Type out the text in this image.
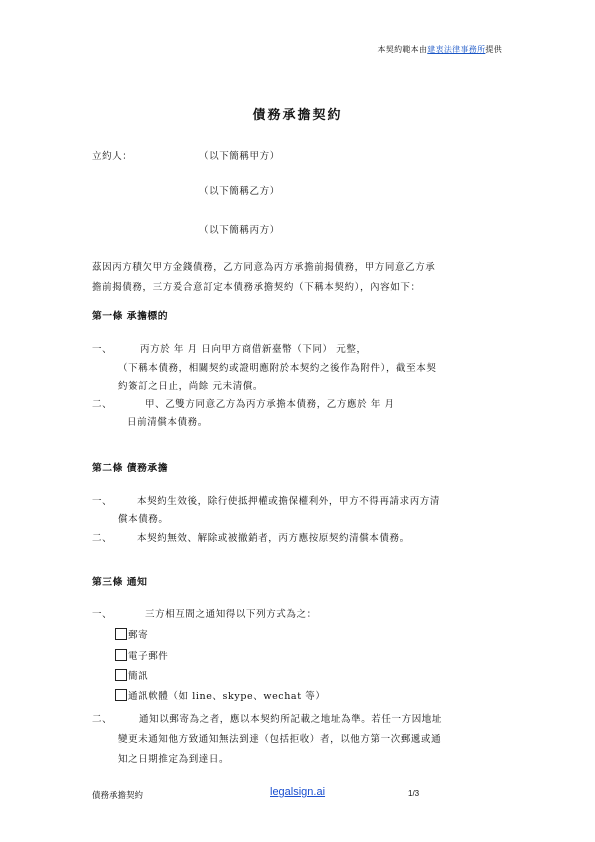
本契約範本由建衷法律事務所提供
債務承擔契約
立約人：	（以下簡稱甲方）
（以下簡稱乙方）
（以下簡稱丙方）
茲因丙方積欠甲方金錢債務，乙方同意為丙方承擔前揭債務，甲方同意乙方承
擔前揭債務，三方爰合意訂定本債務承擔契約（下稱本契約），內容如下：
第一條 承擔標的
一、	丙方於 年 月 日向甲方商借新臺幣（下同） 元整，
（下稱本債務，相關契約或證明應附於本契約之後作為附件），截至本契
約簽訂之日止，尚餘 元未清償。
二、	甲、乙雙方同意乙方為丙方承擔本債務，乙方應於 年 月
日前清償本債務。
第二條 債務承擔
一、	本契約生效後，除行使抵押權或擔保權利外，甲方不得再請求丙方清
償本債務。
二、	本契約無效、解除或被撤銷者，丙方應按原契約清償本債務。
第三條 通知
一、	三方相互間之通知得以下列方式為之：
郵寄
電子郵件
簡訊
通訊軟體（如 line、skype、wechat 等）
二、	通知以郵寄為之者，應以本契約所記載之地址為準。若任一方因地址
變更未通知他方致通知無法到達（包括拒收）者，以他方第一次郵遞或通
知之日期推定為到達日。
債務承擔契約	legalsign.ai	1/3
